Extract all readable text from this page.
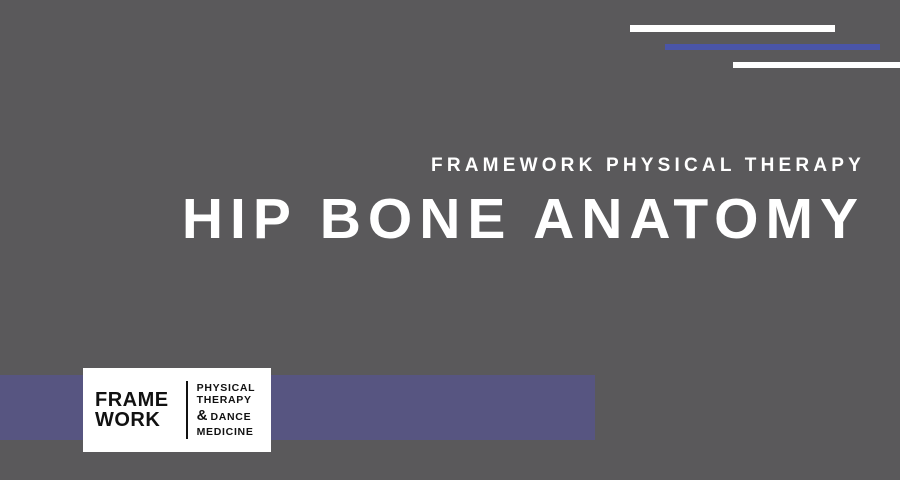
FRAMEWORK PHYSICAL THERAPY

HIP BONE ANATOMY
FRAME
WORK
PHYSICAL
THERAPY
& DANCE
MEDICINE
